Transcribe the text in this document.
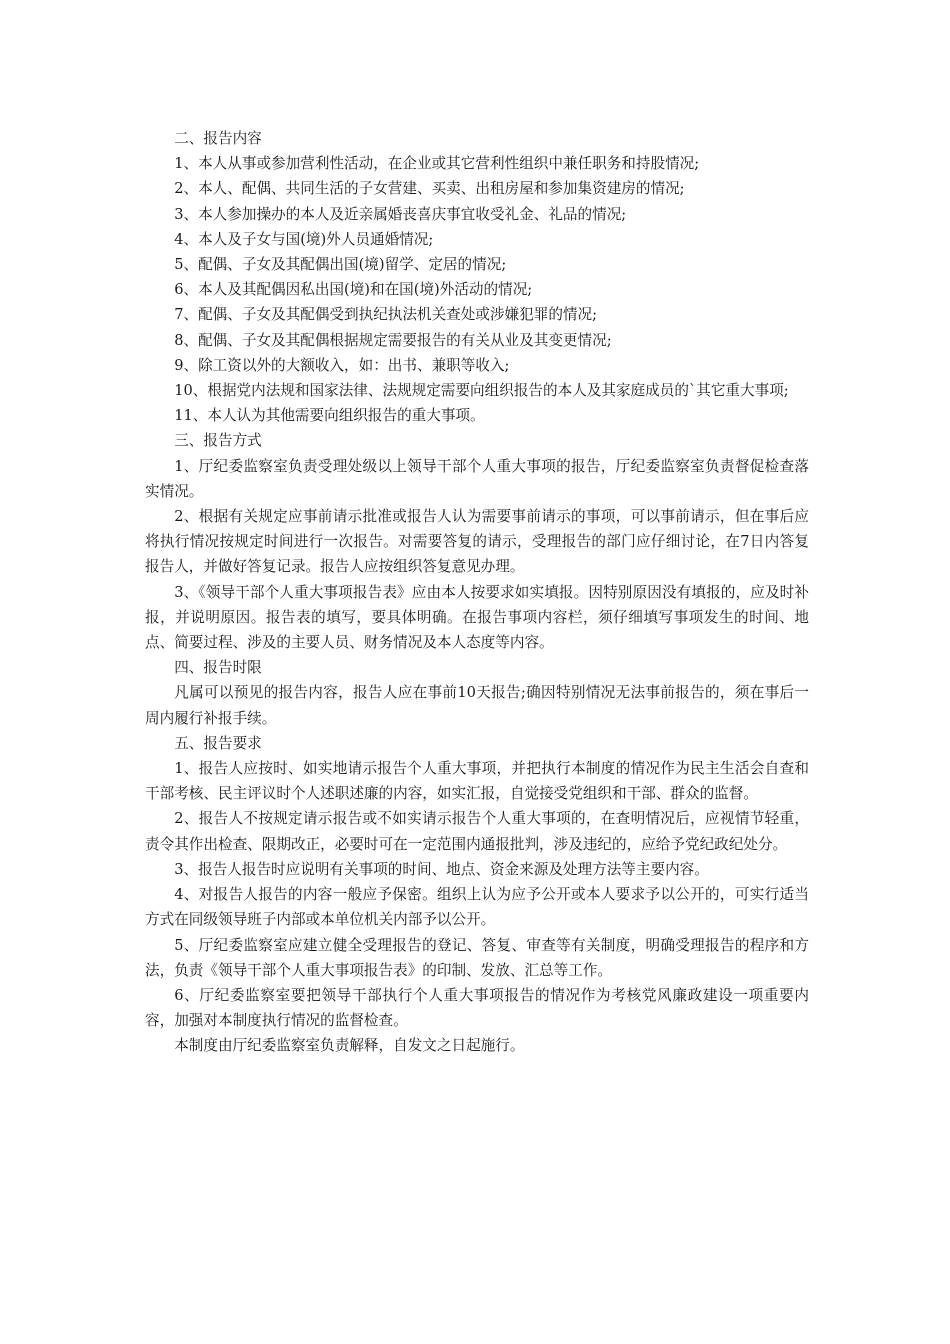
二、报告内容

1、本人从事或参加营利性活动，在企业或其它营利性组织中兼任职务和持股情况;

2、本人、配偶、共同生活的子女营建、买卖、出租房屋和参加集资建房的情况;

3、本人参加操办的本人及近亲属婚丧喜庆事宜收受礼金、礼品的情况;

4、本人及子女与国(境)外人员通婚情况;

5、配偶、子女及其配偶出国(境)留学、定居的情况;

6、本人及其配偶因私出国(境)和在国(境)外活动的情况;

7、配偶、子女及其配偶受到执纪执法机关查处或涉嫌犯罪的情况;

8、配偶、子女及其配偶根据规定需要报告的有关从业及其变更情况;

9、除工资以外的大额收入，如：出书、兼职等收入;

10、根据党内法规和国家法律、法规规定需要向组织报告的本人及其家庭成员的`其它重大事项;

11、本人认为其他需要向组织报告的重大事项。

三、报告方式

1、厅纪委监察室负责受理处级以上领导干部个人重大事项的报告，厅纪委监察室负责督促检查落实情况。

2、根据有关规定应事前请示批准或报告人认为需要事前请示的事项，可以事前请示，但在事后应将执行情况按规定时间进行一次报告。对需要答复的请示，受理报告的部门应仔细讨论，在7日内答复报告人，并做好答复记录。报告人应按组织答复意见办理。

3、《领导干部个人重大事项报告表》应由本人按要求如实填报。因特别原因没有填报的，应及时补报，并说明原因。报告表的填写，要具体明确。在报告事项内容栏，须仔细填写事项发生的时间、地点、简要过程、涉及的主要人员、财务情况及本人态度等内容。

四、报告时限

凡属可以预见的报告内容，报告人应在事前10天报告;确因特别情况无法事前报告的，须在事后一周内履行补报手续。

五、报告要求

1、报告人应按时、如实地请示报告个人重大事项，并把执行本制度的情况作为民主生活会自查和干部考核、民主评议时个人述职述廉的内容，如实汇报，自觉接受党组织和干部、群众的监督。

2、报告人不按规定请示报告或不如实请示报告个人重大事项的，在查明情况后，应视情节轻重，责令其作出检查、限期改正，必要时可在一定范围内通报批判，涉及违纪的，应给予党纪政纪处分。

3、报告人报告时应说明有关事项的时间、地点、资金来源及处理方法等主要内容。

4、对报告人报告的内容一般应予保密。组织上认为应予公开或本人要求予以公开的，可实行适当方式在同级领导班子内部或本单位机关内部予以公开。

5、厅纪委监察室应建立健全受理报告的登记、答复、审查等有关制度，明确受理报告的程序和方法，负责《领导干部个人重大事项报告表》的印制、发放、汇总等工作。

6、厅纪委监察室要把领导干部执行个人重大事项报告的情况作为考核党风廉政建设一项重要内容，加强对本制度执行情况的监督检查。

本制度由厅纪委监察室负责解释，自发文之日起施行。
